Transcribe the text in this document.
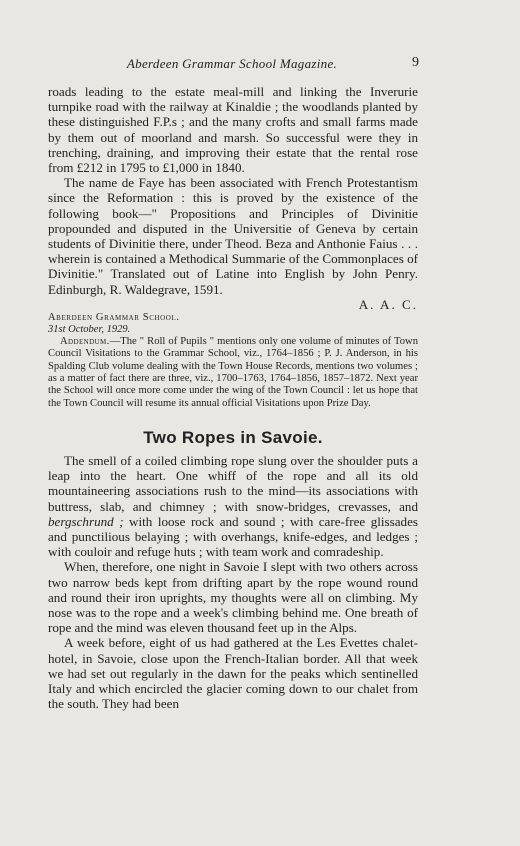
Aberdeen Grammar School Magazine.	9

roads leading to the estate meal-mill and linking the Inverurie turnpike road with the railway at Kinaldie ; the woodlands planted by these distinguished F.P.s ; and the many crofts and small farms made by them out of moorland and marsh. So successful were they in trenching, draining, and improving their estate that the rental rose from £212 in 1795 to £1,000 in 1840.

The name de Faye has been associated with French Protestantism since the Reformation : this is proved by the existence of the following book—" Propositions and Principles of Divinitie propounded and disputed in the Universitie of Geneva by certain students of Divinitie there, under Theod. Beza and Anthonie Faius . . . wherein is contained a Methodical Summarie of the Commonplaces of Divinitie." Translated out of Latine into English by John Penry. Edinburgh, R. Waldegrave, 1591.

A. A. C.

Aberdeen Grammar School.

31st October, 1929.

Addendum.—The " Roll of Pupils " mentions only one volume of minutes of Town Council Visitations to the Grammar School, viz., 1764–1856 ; P. J. Anderson, in his Spalding Club volume dealing with the Town House Records, mentions two volumes ; as a matter of fact there are three, viz., 1700–1763, 1764–1856, 1857–1872. Next year the School will once more come under the wing of the Town Council : let us hope that the Town Council will resume its annual official Visitations upon Prize Day.

Two Ropes in Savoie.

The smell of a coiled climbing rope slung over the shoulder puts a leap into the heart. One whiff of the rope and all its old mountaineering associations rush to the mind—its associations with buttress, slab, and chimney ; with snow-bridges, crevasses, and bergschrund ; with loose rock and sound ; with care-free glissades and punctilious belaying ; with overhangs, knife-edges, and ledges ; with couloir and refuge huts ; with team work and comradeship.

When, therefore, one night in Savoie I slept with two others across two narrow beds kept from drifting apart by the rope wound round and round their iron uprights, my thoughts were all on climbing. My nose was to the rope and a week's climbing behind me. One breath of rope and the mind was eleven thousand feet up in the Alps.

A week before, eight of us had gathered at the Les Evettes chalet-hotel, in Savoie, close upon the French-Italian border. All that week we had set out regularly in the dawn for the peaks which sentinelled Italy and which encircled the glacier coming down to our chalet from the south. They had been
